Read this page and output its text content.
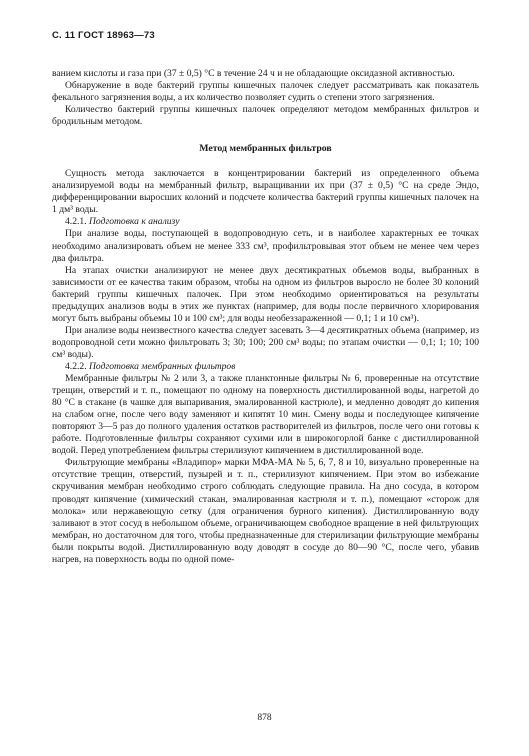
С. 11 ГОСТ 18963—73

ванием кислоты и газа при (37 ± 0,5) °С в течение 24 ч и не обладающие оксидазной активностью.

Обнаружение в воде бактерий группы кишечных палочек следует рассматривать как показатель фекального загрязнения воды, а их количество позволяет судить о степени этого загрязнения.

Количество бактерий группы кишечных палочек определяют методом мембранных фильтров и бродильным методом.

Метод мембранных фильтров

Сущность метода заключается в концентрировании бактерий из определенного объема анализируемой воды на мембранный фильтр, выращивании их при (37 ± 0,5) °С на среде Эндо, дифференцировании выросших колоний и подсчете количества бактерий группы кишечных палочек на 1 дм³ воды.

4.2.1. Подготовка к анализу

При анализе воды, поступающей в водопроводную сеть, и в наиболее характерных ее точках необходимо анализировать объем не менее 333 см³, профильтровывая этот объем не менее чем через два фильтра.

На этапах очистки анализируют не менее двух десятикратных объемов воды, выбранных в зависимости от ее качества таким образом, чтобы на одном из фильтров выросло не более 30 колоний бактерий группы кишечных палочек. При этом необходимо ориентироваться на результаты предыдущих анализов воды в этих же пунктах (например, для воды после первичного хлорирования могут быть выбраны объемы 10 и 100 см³; для воды необеззараженной — 0,1; 1 и 10 см³).

При анализе воды неизвестного качества следует засевать 3—4 десятикратных объема (например, из водопроводной сети можно фильтровать 3; 30; 100; 200 см³ воды; по этапам очистки — 0,1; 1; 10; 100 см³ воды).

4.2.2. Подготовка мембранных фильтров

Мембранные фильтры № 2 или 3, а также планктонные фильтры № 6, проверенные на отсутствие трещин, отверстий и т. п., помещают по одному на поверхность дистиллированной воды, нагретой до 80 °С в стакане (в чашке для выпаривания, эмалированной кастрюле), и медленно доводят до кипения на слабом огне, после чего воду заменяют и кипятят 10 мин. Смену воды и последующее кипячение повторяют 3—5 раз до полного удаления остатков растворителей из фильтров, после чего они готовы к работе. Подготовленные фильтры сохраняют сухими или в широкогорлой банке с дистиллированной водой. Перед употреблением фильтры стерилизуют кипячением в дистиллированной воде.

Фильтрующие мембраны «Владипор» марки МФА-МА № 5, 6, 7, 8 и 10, визуально проверенные на отсутствие трещин, отверстий, пузырей и т. п., стерилизуют кипячением. При этом во избежание скручивания мембран необходимо строго соблюдать следующие правила. На дно сосуда, в котором проводят кипячение (химический стакан, эмалированная кастрюля и т. п.), помещают «сторож для молока» или нержавеющую сетку (для ограничения бурного кипения). Дистиллированную воду заливают в этот сосуд в небольшом объеме, ограничивающем свободное вращение в ней фильтрующих мембран, но достаточном для того, чтобы предназначенные для стерилизации фильтрующие мембраны были покрыты водой. Дистиллированную воду доводят в сосуде до 80—90 °С, после чего, убавив нагрев, на поверхность воды по одной поме-

878
